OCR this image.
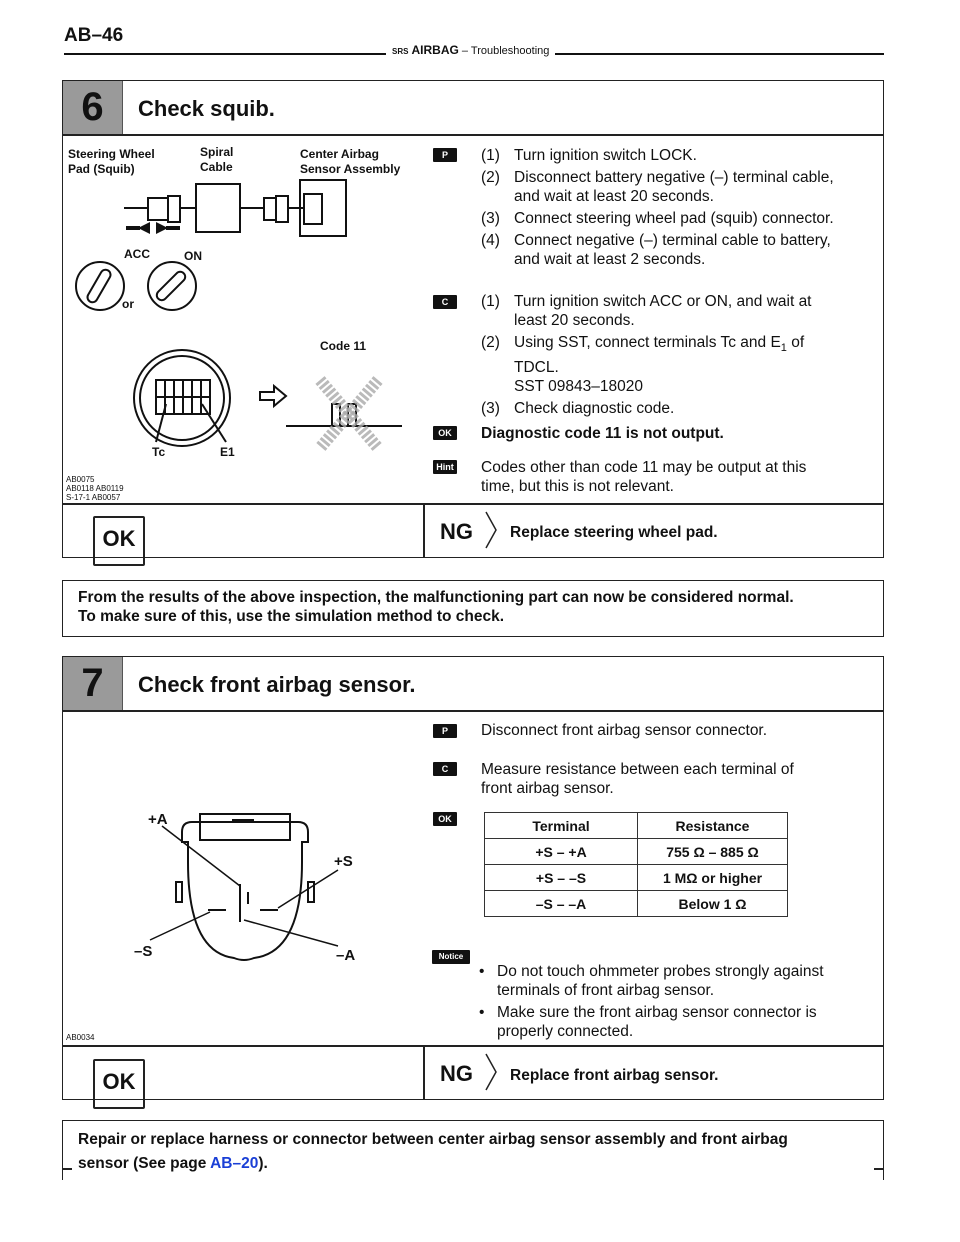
AB–46
SRS AIRBAG – Troubleshooting
6	Check squib.
Steering Wheel
Pad (Squib)
Spiral
Cable
Center Airbag
Sensor Assembly
ACC	ON
or
Code 11
Tc	E1
AB0075
AB0118 AB0119
S-17-1 AB0057
P	(1) Turn ignition switch LOCK.
(2) Disconnect battery negative (–) terminal cable,
and wait at least 20 seconds.
(3) Connect steering wheel pad (squib) connector.
(4) Connect negative (–) terminal cable to battery,
and wait at least 2 seconds.
C	(1) Turn ignition switch ACC or ON, and wait at
least 20 seconds.
(2) Using SST, connect terminals Tc and $E_1$ of
TDCL.
SST 09843–18020
(3) Check diagnostic code.
OK	Diagnostic code 11 is not output.
Hint Codes other than code 11 may be output at this
time, but this is not relevant.
OK	NG Replace steering wheel pad.
From the results of the above inspection, the malfunctioning part can now be considered normal.
To make sure of this, use the simulation method to check.
7	Check front airbag sensor.
+A
+S
–S	–A
AB0034
P	Disconnect front airbag sensor connector.
C	Measure resistance between each terminal of
front airbag sensor.
OK	Terminal	Resistance
+S – +A	755 Ω – 885 Ω
+S – –S	1 MΩ or higher
–S – –A	Below 1 Ω
Notice
• Do not touch ohmmeter probes strongly against
terminals of front airbag sensor.
• Make sure the front airbag sensor connector is
properly connected.
OK	NG Replace front airbag sensor.
Repair or replace harness or connector between center airbag sensor assembly and front airbag
sensor (See page AB–20).
